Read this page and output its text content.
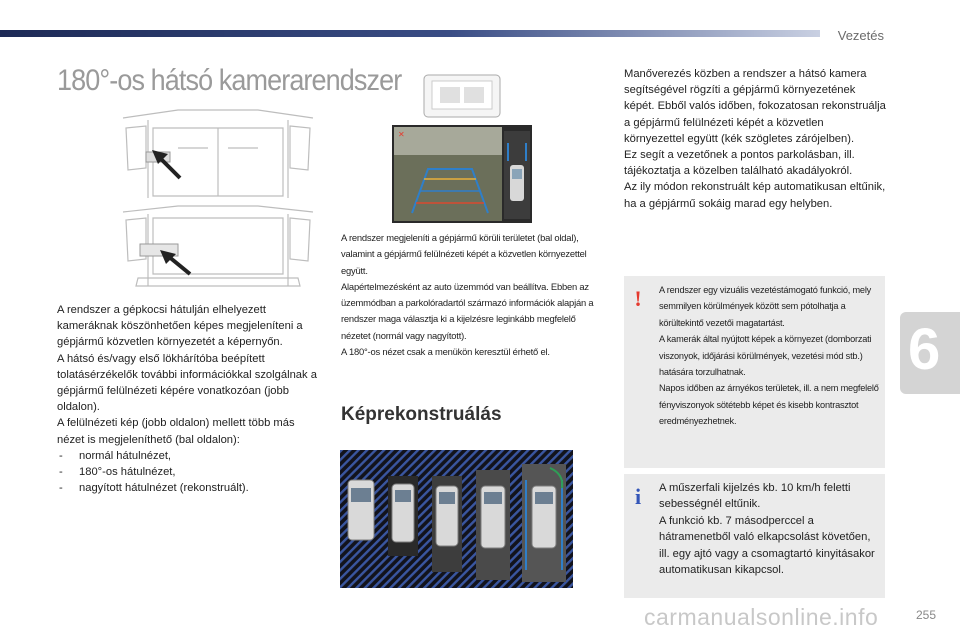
Vezetés
180°-os hátsó kamerarendszer
✕

A rendszer a gépkocsi hátulján elhelyezett kameráknak köszönhetően képes megjeleníteni a gépjármű közvetlen környezetét a képernyőn.

A hátsó és/vagy első lökhárítóba beépített tolatásérzékelők további információkkal szolgálnak a gépjármű felülnézeti képére vonatkozóan (jobb oldalon).

A felülnézeti kép (jobb oldalon) mellett több más nézet is megjeleníthető (bal oldalon):

- normál hátulnézet,
- 180°-os hátulnézet,
- nagyított hátulnézet (rekonstruált).

A rendszer megjeleníti a gépjármű körüli területet (bal oldal), valamint a gépjármű felülnézeti képét a közvetlen környezettel együtt.

Alapértelmezésként az auto üzemmód van beállítva. Ebben az üzemmódban a parkolóradartól származó információk alapján a rendszer maga választja ki a kijelzésre leginkább megfelelő nézetet (normál vagy nagyított).

A 180°-os nézet csak a menükön keresztül érhető el.

Képrekonstruálás

Manőverezés közben a rendszer a hátsó kamera segítségével rögzíti a gépjármű környezetének képét. Ebből valós időben, fokozatosan rekonstruálja a gépjármű felülnézeti képét a közvetlen környezettel együtt (kék szögletes zárójelben).

Ez segít a vezetőnek a pontos parkolásban, ill. tájékoztatja a közelben található akadályokról.

Az ily módon rekonstruált kép automatikusan eltűnik, ha a gépjármű sokáig marad egy helyben.

! A rendszer egy vizuális vezetéstámogató funkció, mely semmilyen körülmények között sem pótolhatja a körültekintő vezetői magatartást.

A kamerák által nyújtott képek a környezet (domborzati viszonyok, időjárási körülmények, vezetési mód stb.) hatására torzulhatnak.

Napos időben az árnyékos területek, ill. a nem megfelelő fényviszonyok sötétebb képet és kisebb kontrasztot eredményezhetnek.

i A műszerfali kijelzés kb. 10 km/h feletti sebességnél eltűnik.

A funkció kb. 7 másodperccel a hátramenetből való elkapcsolást követően, ill. egy ajtó vagy a csomagtartó kinyitásakor automatikusan kikapcsol.

6
carmanualsonline.info	255
